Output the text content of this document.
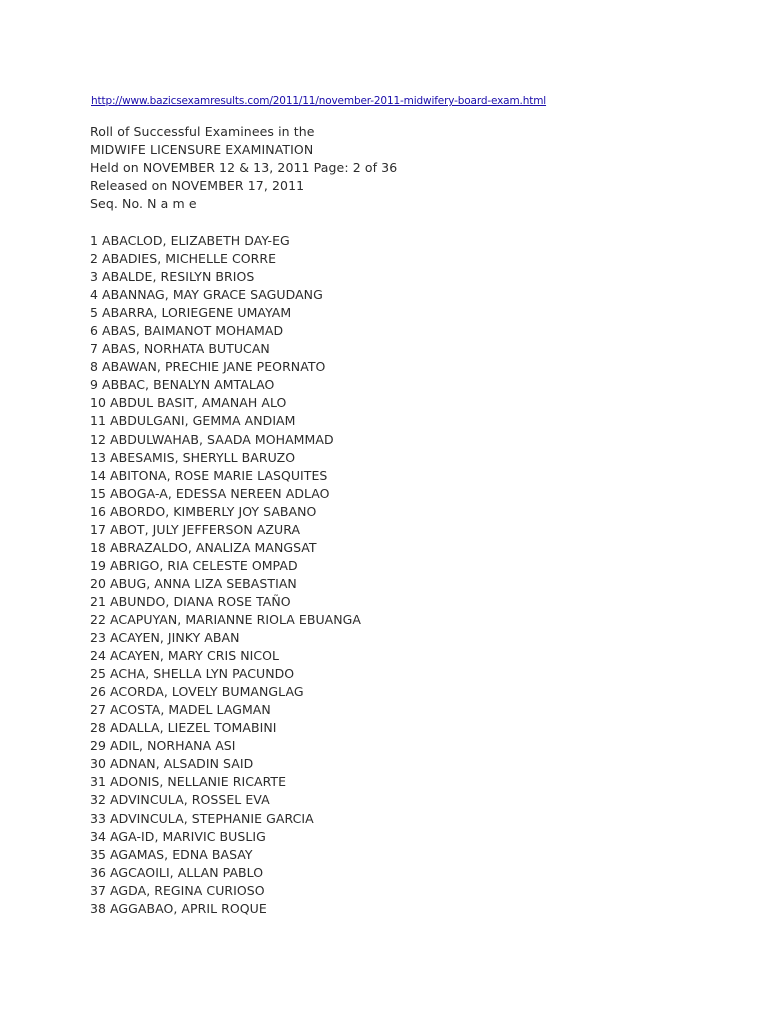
http://www.bazicsexamresults.com/2011/11/november-2011-midwifery-board-exam.html
Roll of Successful Examinees in the
MIDWIFE LICENSURE EXAMINATION
Held on NOVEMBER 12 & 13, 2011 Page: 2 of 36
Released on NOVEMBER 17, 2011
Seq. No. N a m e
1 ABACLOD, ELIZABETH DAY-EG
2 ABADIES, MICHELLE CORRE
3 ABALDE, RESILYN BRIOS
4 ABANNAG, MAY GRACE SAGUDANG
5 ABARRA, LORIEGENE UMAYAM
6 ABAS, BAIMANOT MOHAMAD
7 ABAS, NORHATA BUTUCAN
8 ABAWAN, PRECHIE JANE PEORNATO
9 ABBAC, BENALYN AMTALAO
10 ABDUL BASIT, AMANAH ALO
11 ABDULGANI, GEMMA ANDIAM
12 ABDULWAHAB, SAADA MOHAMMAD
13 ABESAMIS, SHERYLL BARUZO
14 ABITONA, ROSE MARIE LASQUITES
15 ABOGA-A, EDESSA NEREEN ADLAO
16 ABORDO, KIMBERLY JOY SABANO
17 ABOT, JULY JEFFERSON AZURA
18 ABRAZALDO, ANALIZA MANGSAT
19 ABRIGO, RIA CELESTE OMPAD
20 ABUG, ANNA LIZA SEBASTIAN
21 ABUNDO, DIANA ROSE TAÑO
22 ACAPUYAN, MARIANNE RIOLA EBUANGA
23 ACAYEN, JINKY ABAN
24 ACAYEN, MARY CRIS NICOL
25 ACHA, SHELLA LYN PACUNDO
26 ACORDA, LOVELY BUMANGLAG
27 ACOSTA, MADEL LAGMAN
28 ADALLA, LIEZEL TOMABINI
29 ADIL, NORHANA ASI
30 ADNAN, ALSADIN SAID
31 ADONIS, NELLANIE RICARTE
32 ADVINCULA, ROSSEL EVA
33 ADVINCULA, STEPHANIE GARCIA
34 AGA-ID, MARIVIC BUSLIG
35 AGAMAS, EDNA BASAY
36 AGCAOILI, ALLAN PABLO
37 AGDA, REGINA CURIOSO
38 AGGABAO, APRIL ROQUE
